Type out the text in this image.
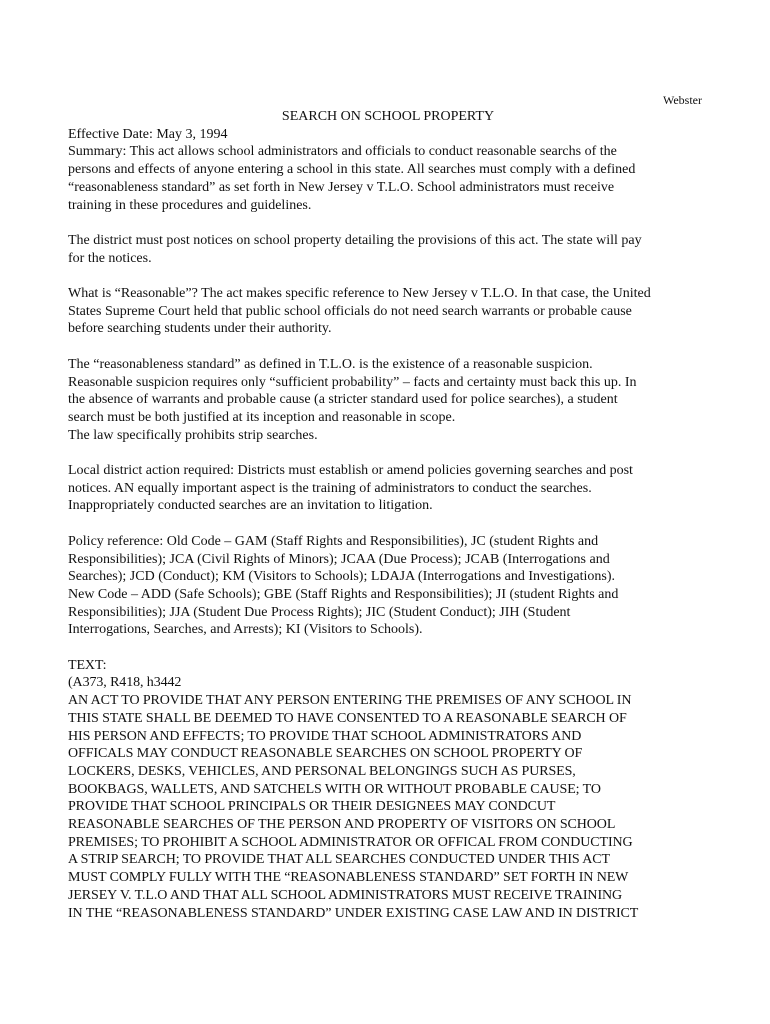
Webster
SEARCH ON SCHOOL PROPERTY
Effective Date: May 3, 1994
Summary: This act allows school administrators and officials to conduct reasonable searchs of the
persons and effects of anyone entering a school in this state. All searches must comply with a defined
“reasonableness standard” as set forth in New Jersey v T.L.O. School administrators must receive
training in these procedures and guidelines.
The district must post notices on school property detailing the provisions of this act. The state will pay
for the notices.
What is “Reasonable”? The act makes specific reference to New Jersey v T.L.O. In that case, the United
States Supreme Court held that public school officials do not need search warrants or probable cause
before searching students under their authority.
The “reasonableness standard” as defined in T.L.O. is the existence of a reasonable suspicion.
Reasonable suspicion requires only “sufficient probability” – facts and certainty must back this up. In
the absence of warrants and probable cause (a stricter standard used for police searches), a student
search must be both justified at its inception and reasonable in scope.
The law specifically prohibits strip searches.
Local district action required: Districts must establish or amend policies governing searches and post
notices. AN equally important aspect is the training of administrators to conduct the searches.
Inappropriately conducted searches are an invitation to litigation.
Policy reference: Old Code – GAM (Staff Rights and Responsibilities), JC (student Rights and
Responsibilities); JCA (Civil Rights of Minors); JCAA (Due Process); JCAB (Interrogations and
Searches); JCD (Conduct); KM (Visitors to Schools); LDAJA (Interrogations and Investigations).
New Code – ADD (Safe Schools); GBE (Staff Rights and Responsibilities); JI (student Rights and
Responsibilities); JJA (Student Due Process Rights); JIC (Student Conduct); JIH (Student
Interrogations, Searches, and Arrests); KI (Visitors to Schools).
TEXT:
(A373, R418, h3442
AN ACT TO PROVIDE THAT ANY PERSON ENTERING THE PREMISES OF ANY SCHOOL IN
THIS STATE SHALL BE DEEMED TO HAVE CONSENTED TO A REASONABLE SEARCH OF
HIS PERSON AND EFFECTS; TO PROVIDE THAT SCHOOL ADMINISTRATORS AND
OFFICALS MAY CONDUCT REASONABLE SEARCHES ON SCHOOL PROPERTY OF
LOCKERS, DESKS, VEHICLES, AND PERSONAL BELONGINGS SUCH AS PURSES,
BOOKBAGS, WALLETS, AND SATCHELS WITH OR WITHOUT PROBABLE CAUSE; TO
PROVIDE THAT SCHOOL PRINCIPALS OR THEIR DESIGNEES MAY CONDCUT
REASONABLE SEARCHES OF THE PERSON AND PROPERTY OF VISITORS ON SCHOOL
PREMISES; TO PROHIBIT A SCHOOL ADMINISTRATOR OR OFFICAL FROM CONDUCTING
A STRIP SEARCH; TO PROVIDE THAT ALL SEARCHES CONDUCTED UNDER THIS ACT
MUST COMPLY FULLY WITH THE “REASONABLENESS STANDARD” SET FORTH IN NEW
JERSEY V. T.L.O AND THAT ALL SCHOOL ADMINISTRATORS MUST RECEIVE TRAINING
IN THE “REASONABLENESS STANDARD” UNDER EXISTING CASE LAW AND IN DISTRICT
